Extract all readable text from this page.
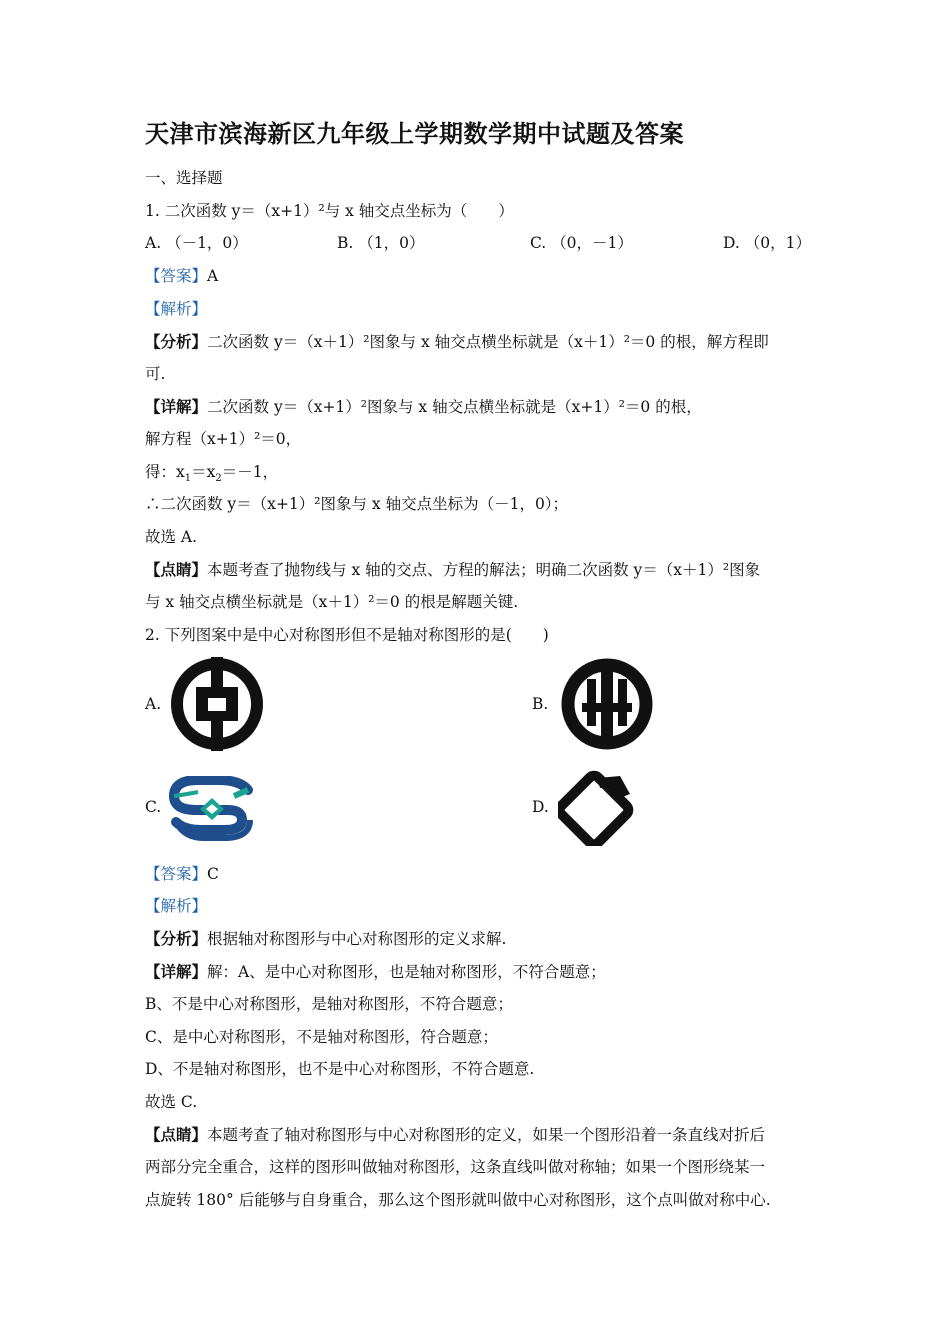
天津市滨海新区九年级上学期数学期中试题及答案
一、选择题
1. 二次函数 y＝（x+1）²与 x 轴交点坐标为（　　）
A. （－1，0）	B. （1，0）	C. （0，－1）	D. （0，1）
【答案】A
【解析】
【分析】二次函数 y＝（x＋1）²图象与 x 轴交点横坐标就是（x＋1）²＝0 的根，解方程即
可.
【详解】二次函数 y＝（x+1）²图象与 x 轴交点横坐标就是（x+1）²＝0 的根，
解方程（x+1）²＝0，
得：$x_1=x_2=-1$，
∴二次函数 y＝（x+1）²图象与 x 轴交点坐标为（－1，0）；
故选 A.
【点睛】本题考查了抛物线与 x 轴的交点、方程的解法；明确二次函数 y＝（x＋1）²图象
与 x 轴交点横坐标就是（x＋1）²＝0 的根是解题关键.
2. 下列图案中是中心对称图形但不是轴对称图形的是(　　)
A.	B.
C.	D.
【答案】C
【解析】
【分析】根据轴对称图形与中心对称图形的定义求解.
【详解】解：A、是中心对称图形，也是轴对称图形，不符合题意；
B、不是中心对称图形，是轴对称图形，不符合题意；
C、是中心对称图形，不是轴对称图形，符合题意；
D、不是轴对称图形，也不是中心对称图形，不符合题意.
故选 C.
【点睛】本题考查了轴对称图形与中心对称图形的定义，如果一个图形沿着一条直线对折后
两部分完全重合，这样的图形叫做轴对称图形，这条直线叫做对称轴；如果一个图形绕某一
点旋转 180° 后能够与自身重合，那么这个图形就叫做中心对称图形，这个点叫做对称中心.
